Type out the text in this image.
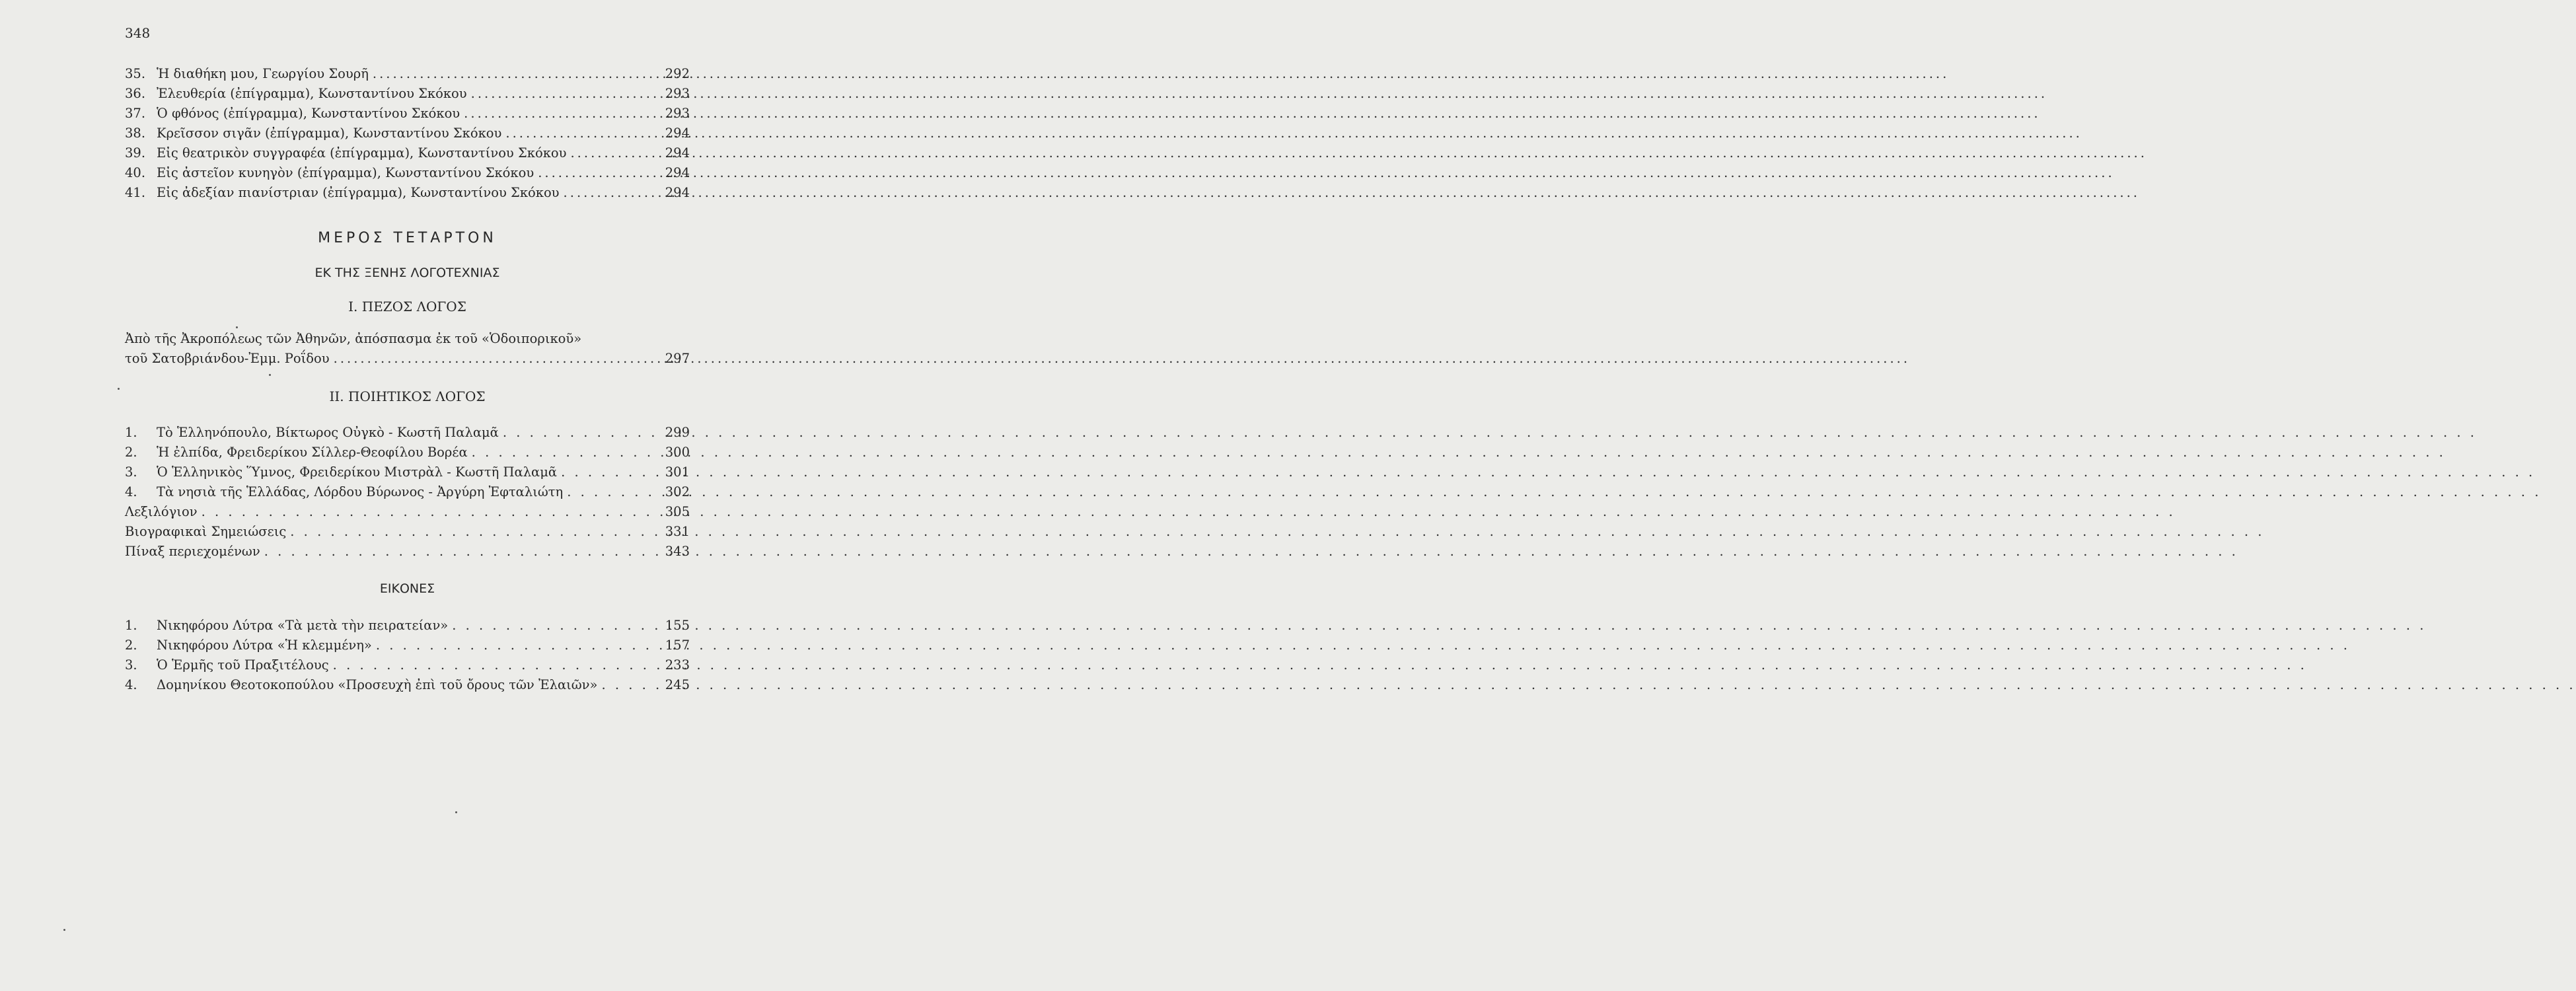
348
35. Ἡ διαθήκη μου, Γεωργίου Σουρῆ .....	292
36. Ἐλευθερία (ἐπίγραμμα), Κωνσταντίνου Σκόκου .....	293
37. Ὁ φθόνος (ἐπίγραμμα), Κωνσταντίνου Σκόκου .....	293
38. Κρεῖσσον σιγᾶν (ἐπίγραμμα), Κωνσταντίνου Σκόκου .....	294
39. Εἰς θεατρικὸν συγγραφέα (ἐπίγραμμα), Κωνσταντίνου Σκόκου .....	294
40. Εἰς ἀστεῖον κυνηγὸν (ἐπίγραμμα), Κωνσταντίνου Σκόκου .....	294
41. Εἰς ἀδεξίαν πιανίστριαν (ἐπίγραμμα), Κωνσταντίνου Σκόκου .....	294
ΜΕΡΟΣ ΤΕΤΑΡΤΟΝ
ΕΚ ΤΗΣ ΞΕΝΗΣ ΛΟΓΟΤΕΧΝΙΑΣ
Ι. ΠΕΖΟΣ ΛΟΓΟΣ
Ἀπὸ τῆς Ἀκροπόλεως τῶν Ἀθηνῶν, ἀπόσπασμα ἐκ τοῦ «Ὁδοιπορικοῦ»
τοῦ Σατοβριάνδου-Ἐμμ. Ροΐδου .....	297
ΙΙ. ΠΟΙΗΤΙΚΟΣ ΛΟΓΟΣ
1.	Τὸ Ἑλληνόπουλο, Βίκτωρος Οὐγκὸ - Κωστῆ Παλαμᾶ . . .	299
2.	Ἡ ἐλπίδα, Φρειδερίκου Σίλλερ-Θεοφίλου Βορέα . . .	300
3.	Ὁ Ἑλληνικὸς Ὕμνος, Φρειδερίκου Μιστρὰλ - Κωστῆ Παλαμᾶ . . .	301
4.	Τὰ νησιὰ τῆς Ἑλλάδας, Λόρδου Βύρωνος - Ἀργύρη Ἐφταλιώτη . . .	302
Λεξιλόγιον . . .	305
Βιογραφικαὶ Σημειώσεις . . .	331
Πίναξ περιεχομένων . . .	343
ΕΙΚΟΝΕΣ
1.	Νικηφόρου Λύτρα «Τὰ μετὰ τὴν πειρατείαν» . . .	155
2.	Νικηφόρου Λύτρα «Ἡ κλεμμένη» . . .	157
3.	Ὁ Ἑρμῆς τοῦ Πραξιτέλους . . .	233
4.	Δομηνίκου Θεοτοκοπούλου «Προσευχὴ ἐπὶ τοῦ ὄρους τῶν Ἐλαιῶν» . . .	245
